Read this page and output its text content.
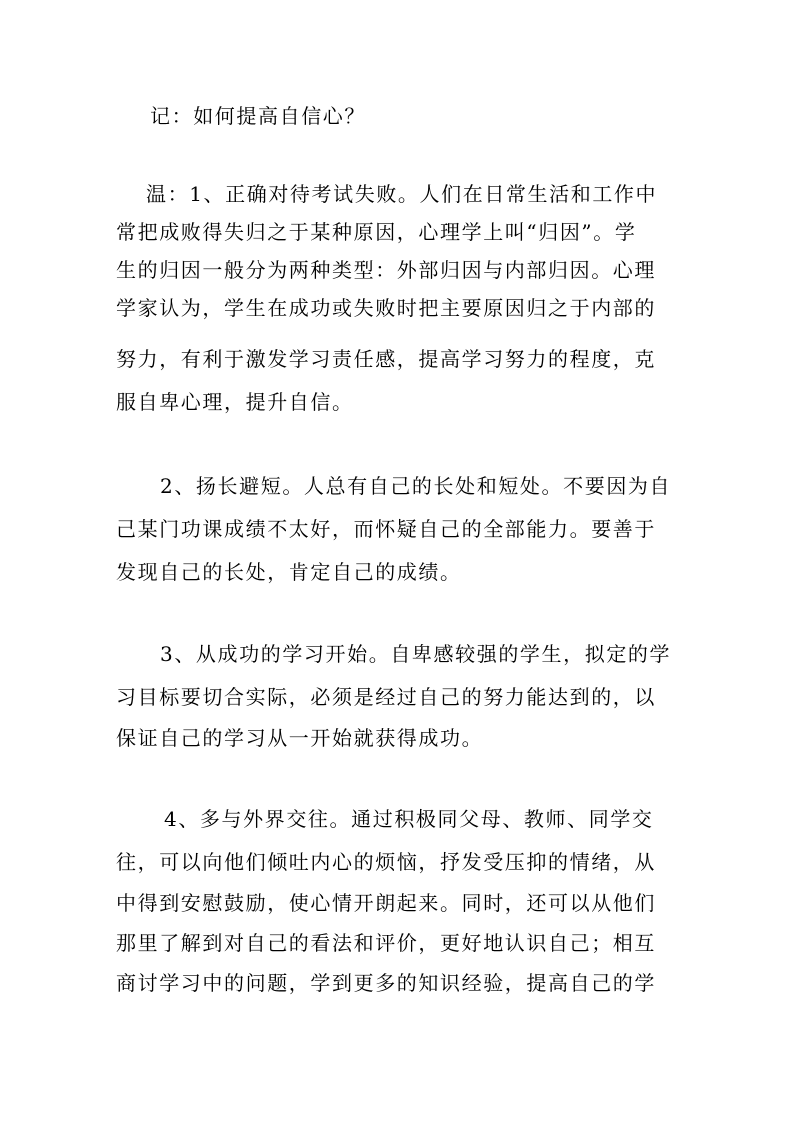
记：如何提高自信心？
温：1、正确对待考试失败。人们在日常生活和工作中
常把成败得失归之于某种原因，心理学上叫“归因”。学
生的归因一般分为两种类型：外部归因与内部归因。心理
学家认为，学生在成功或失败时把主要原因归之于内部的
努力，有利于激发学习责任感，提高学习努力的程度，克
服自卑心理，提升自信。
2、扬长避短。人总有自己的长处和短处。不要因为自
己某门功课成绩不太好，而怀疑自己的全部能力。要善于
发现自己的长处，肯定自己的成绩。
3、从成功的学习开始。自卑感较强的学生，拟定的学
习目标要切合实际，必须是经过自己的努力能达到的，以
保证自己的学习从一开始就获得成功。
4、多与外界交往。通过积极同父母、教师、同学交
往，可以向他们倾吐内心的烦恼，抒发受压抑的情绪，从
中得到安慰鼓励，使心情开朗起来。同时，还可以从他们
那里了解到对自己的看法和评价，更好地认识自己；相互
商讨学习中的问题，学到更多的知识经验，提高自己的学
